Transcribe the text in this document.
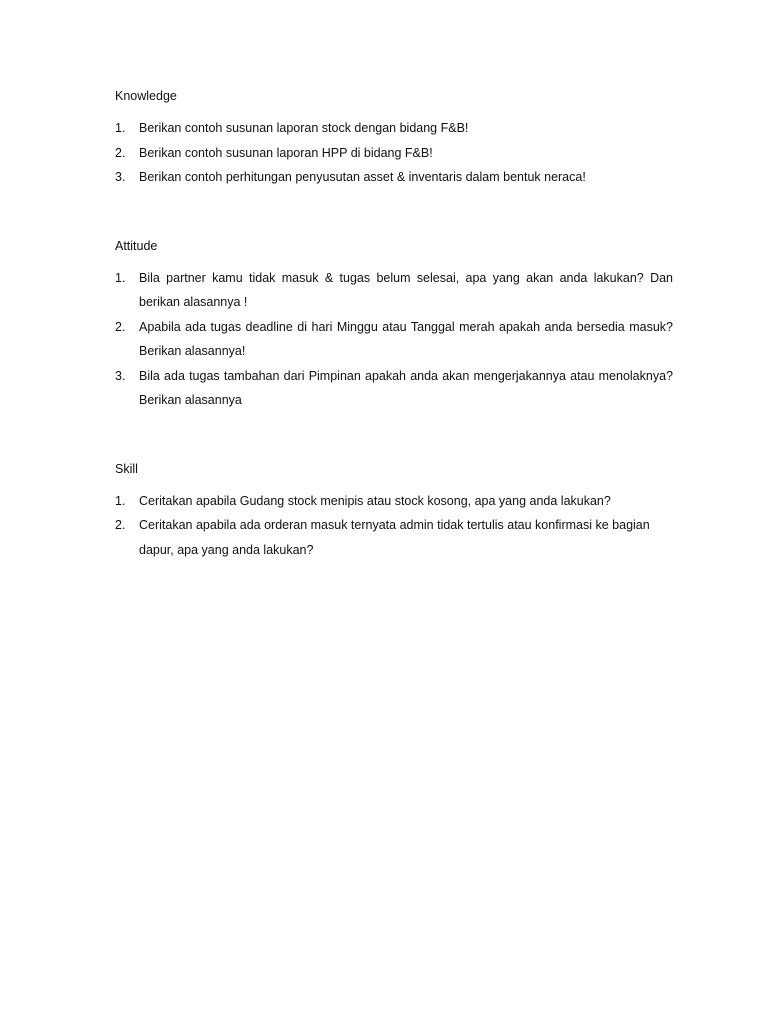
Knowledge
1.	Berikan contoh susunan laporan stock dengan bidang F&B!
2.	Berikan contoh susunan laporan HPP di bidang F&B!
3.	Berikan contoh perhitungan penyusutan asset & inventaris dalam bentuk neraca!
Attitude
1.	Bila partner kamu tidak masuk & tugas belum selesai, apa yang akan anda lakukan? Dan berikan alasannya !
2.	Apabila ada tugas deadline di hari Minggu atau Tanggal merah apakah anda bersedia masuk? Berikan alasannya!
3.	Bila ada tugas tambahan dari Pimpinan apakah anda akan mengerjakannya atau menolaknya? Berikan alasannya
Skill
1.	Ceritakan apabila Gudang stock menipis atau stock kosong, apa yang anda lakukan?
2.	Ceritakan apabila ada orderan masuk ternyata admin tidak tertulis atau konfirmasi ke bagian dapur, apa yang anda lakukan?
